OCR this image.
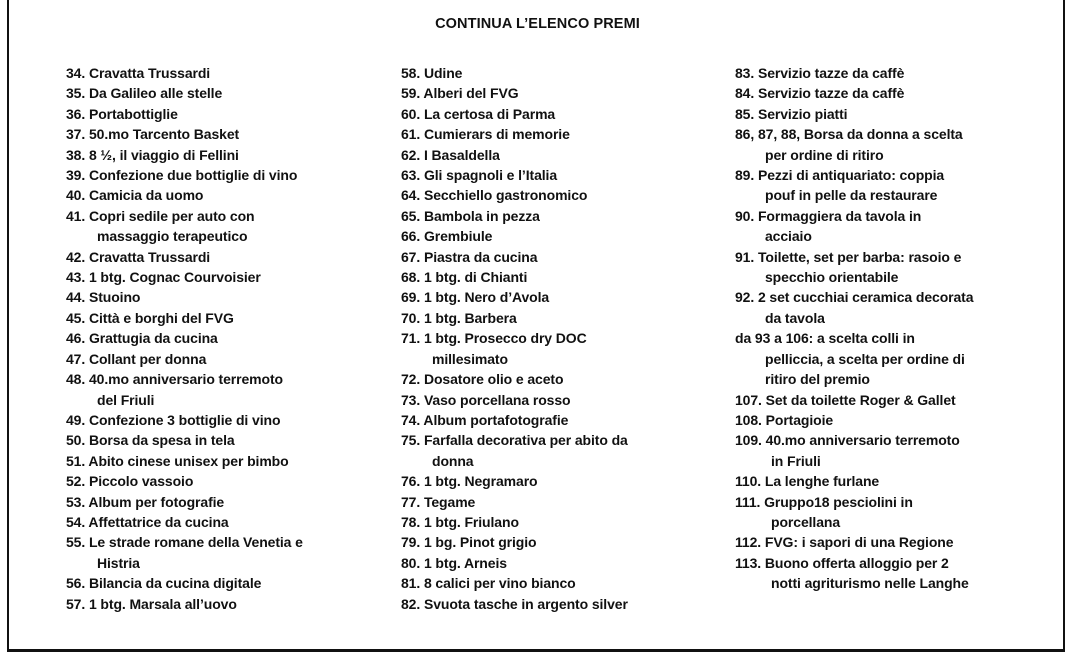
CONTINUA L’ELENCO PREMI
34. Cravatta Trussardi
35. Da Galileo alle stelle
36. Portabottiglie
37. 50.mo Tarcento Basket
38. 8 ½, il viaggio di Fellini
39. Confezione due bottiglie di vino
40. Camicia da uomo
41. Copri sedile per auto con
massaggio terapeutico
42. Cravatta Trussardi
43. 1 btg. Cognac Courvoisier
44. Stuoino
45. Città e borghi del FVG
46. Grattugia da cucina
47. Collant per donna
48. 40.mo anniversario terremoto
del Friuli
49. Confezione 3 bottiglie di vino
50. Borsa da spesa in tela
51. Abito cinese unisex per bimbo
52. Piccolo vassoio
53. Album per fotografie
54. Affettatrice da cucina
55. Le strade romane della Venetia e
Histria
56. Bilancia da cucina digitale
57. 1 btg. Marsala all’uovo
58. Udine
59. Alberi del FVG
60. La certosa di Parma
61. Cumierars di memorie
62. I Basaldella
63. Gli spagnoli e l’Italia
64. Secchiello gastronomico
65. Bambola in pezza
66. Grembiule
67. Piastra da cucina
68. 1 btg. di Chianti
69. 1 btg. Nero d’Avola
70. 1 btg. Barbera
71. 1 btg. Prosecco dry DOC
millesimato
72. Dosatore olio e aceto
73. Vaso porcellana rosso
74. Album portafotografie
75. Farfalla decorativa per abito da
donna
76. 1 btg. Negramaro
77. Tegame
78. 1 btg. Friulano
79. 1 bg. Pinot grigio
80. 1 btg. Arneis
81. 8 calici per vino bianco
82. Svuota tasche in argento silver
83. Servizio tazze da caffè
84. Servizio tazze da caffè
85. Servizio piatti
86, 87, 88, Borsa da donna a scelta
per ordine di ritiro
89. Pezzi di antiquariato: coppia
pouf in pelle da restaurare
90. Formaggiera da tavola in
acciaio
91. Toilette, set per barba: rasoio e
specchio orientabile
92. 2 set cucchiai ceramica decorata
da tavola
da 93 a 106: a scelta colli in
pelliccia, a scelta per ordine di
ritiro del premio
107. Set da toilette Roger & Gallet
108. Portagioie
109. 40.mo anniversario terremoto
in Friuli
110. La lenghe furlane
111. Gruppo18 pesciolini in
porcellana
112. FVG: i sapori di una Regione
113. Buono offerta alloggio per 2
notti agriturismo nelle Langhe
